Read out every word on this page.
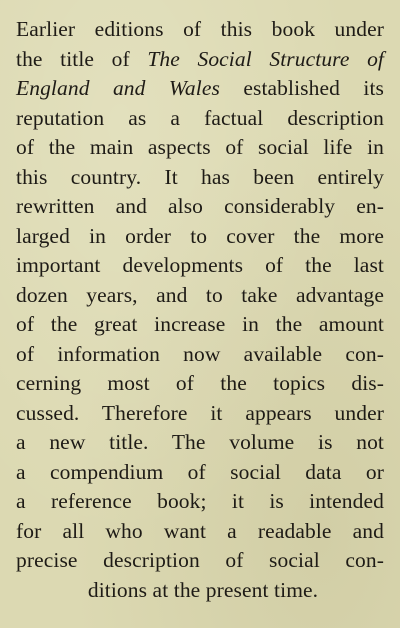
Earlier editions of this book under
the title of The Social Structure of
England and Wales established its
reputation as a factual description
of the main aspects of social life in
this country. It has been entirely
rewritten and also considerably en-
larged in order to cover the more
important developments of the last
dozen years, and to take advantage
of the great increase in the amount
of information now available con-
cerning most of the topics dis-
cussed. Therefore it appears under
a new title. The volume is not
a compendium of social data or
a reference book; it is intended
for all who want a readable and
precise description of social con-
ditions at the present time.
